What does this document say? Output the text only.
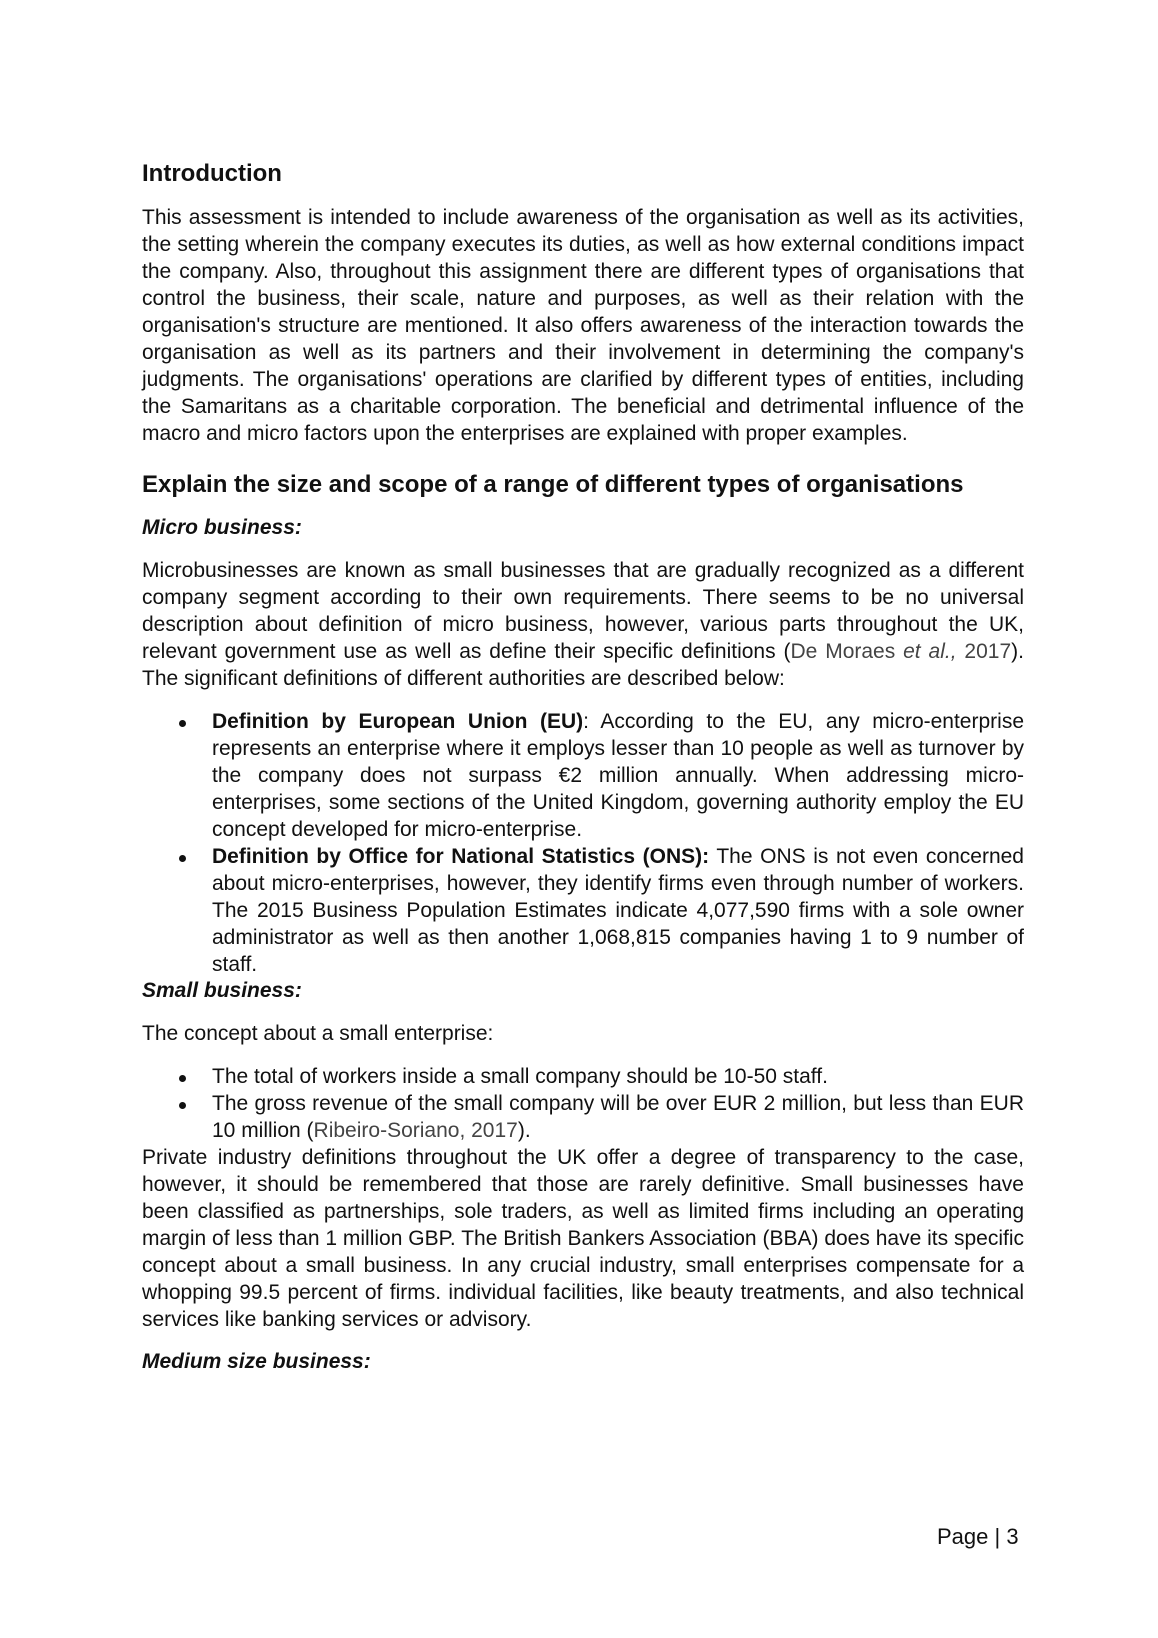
Introduction

This assessment is intended to include awareness of the organisation as well as its activities, the setting wherein the company executes its duties, as well as how external conditions impact the company. Also, throughout this assignment there are different types of organisations that control the business, their scale, nature and purposes, as well as their relation with the organisation's structure are mentioned. It also offers awareness of the interaction towards the organisation as well as its partners and their involvement in determining the company's judgments. The organisations' operations are clarified by different types of entities, including the Samaritans as a charitable corporation. The beneficial and detrimental influence of the macro and micro factors upon the enterprises are explained with proper examples.

Explain the size and scope of a range of different types of organisations
Micro business:

Microbusinesses are known as small businesses that are gradually recognized as a different company segment according to their own requirements. There seems to be no universal description about definition of micro business, however, various parts throughout the UK, relevant government use as well as define their specific definitions (De Moraes et al., 2017). The significant definitions of different authorities are described below:

Definition by European Union (EU): According to the EU, any micro-enterprise represents an enterprise where it employs lesser than 10 people as well as turnover by the company does not surpass €2 million annually. When addressing micro-enterprises, some sections of the United Kingdom, governing authority employ the EU concept developed for micro-enterprise.
Definition by Office for National Statistics (ONS): The ONS is not even concerned about micro-enterprises, however, they identify firms even through number of workers. The 2015 Business Population Estimates indicate 4,077,590 firms with a sole owner administrator as well as then another 1,068,815 companies having 1 to 9 number of staff.
Small business:

The concept about a small enterprise:

The total of workers inside a small company should be 10-50 staff.
The gross revenue of the small company will be over EUR 2 million, but less than EUR 10 million (Ribeiro-Soriano, 2017).

Private industry definitions throughout the UK offer a degree of transparency to the case, however, it should be remembered that those are rarely definitive. Small businesses have been classified as partnerships, sole traders, as well as limited firms including an operating margin of less than 1 million GBP. The British Bankers Association (BBA) does have its specific concept about a small business. In any crucial industry, small enterprises compensate for a whopping 99.5 percent of firms. individual facilities, like beauty treatments, and also technical services like banking services or advisory.

Medium size business:
Page | 3
